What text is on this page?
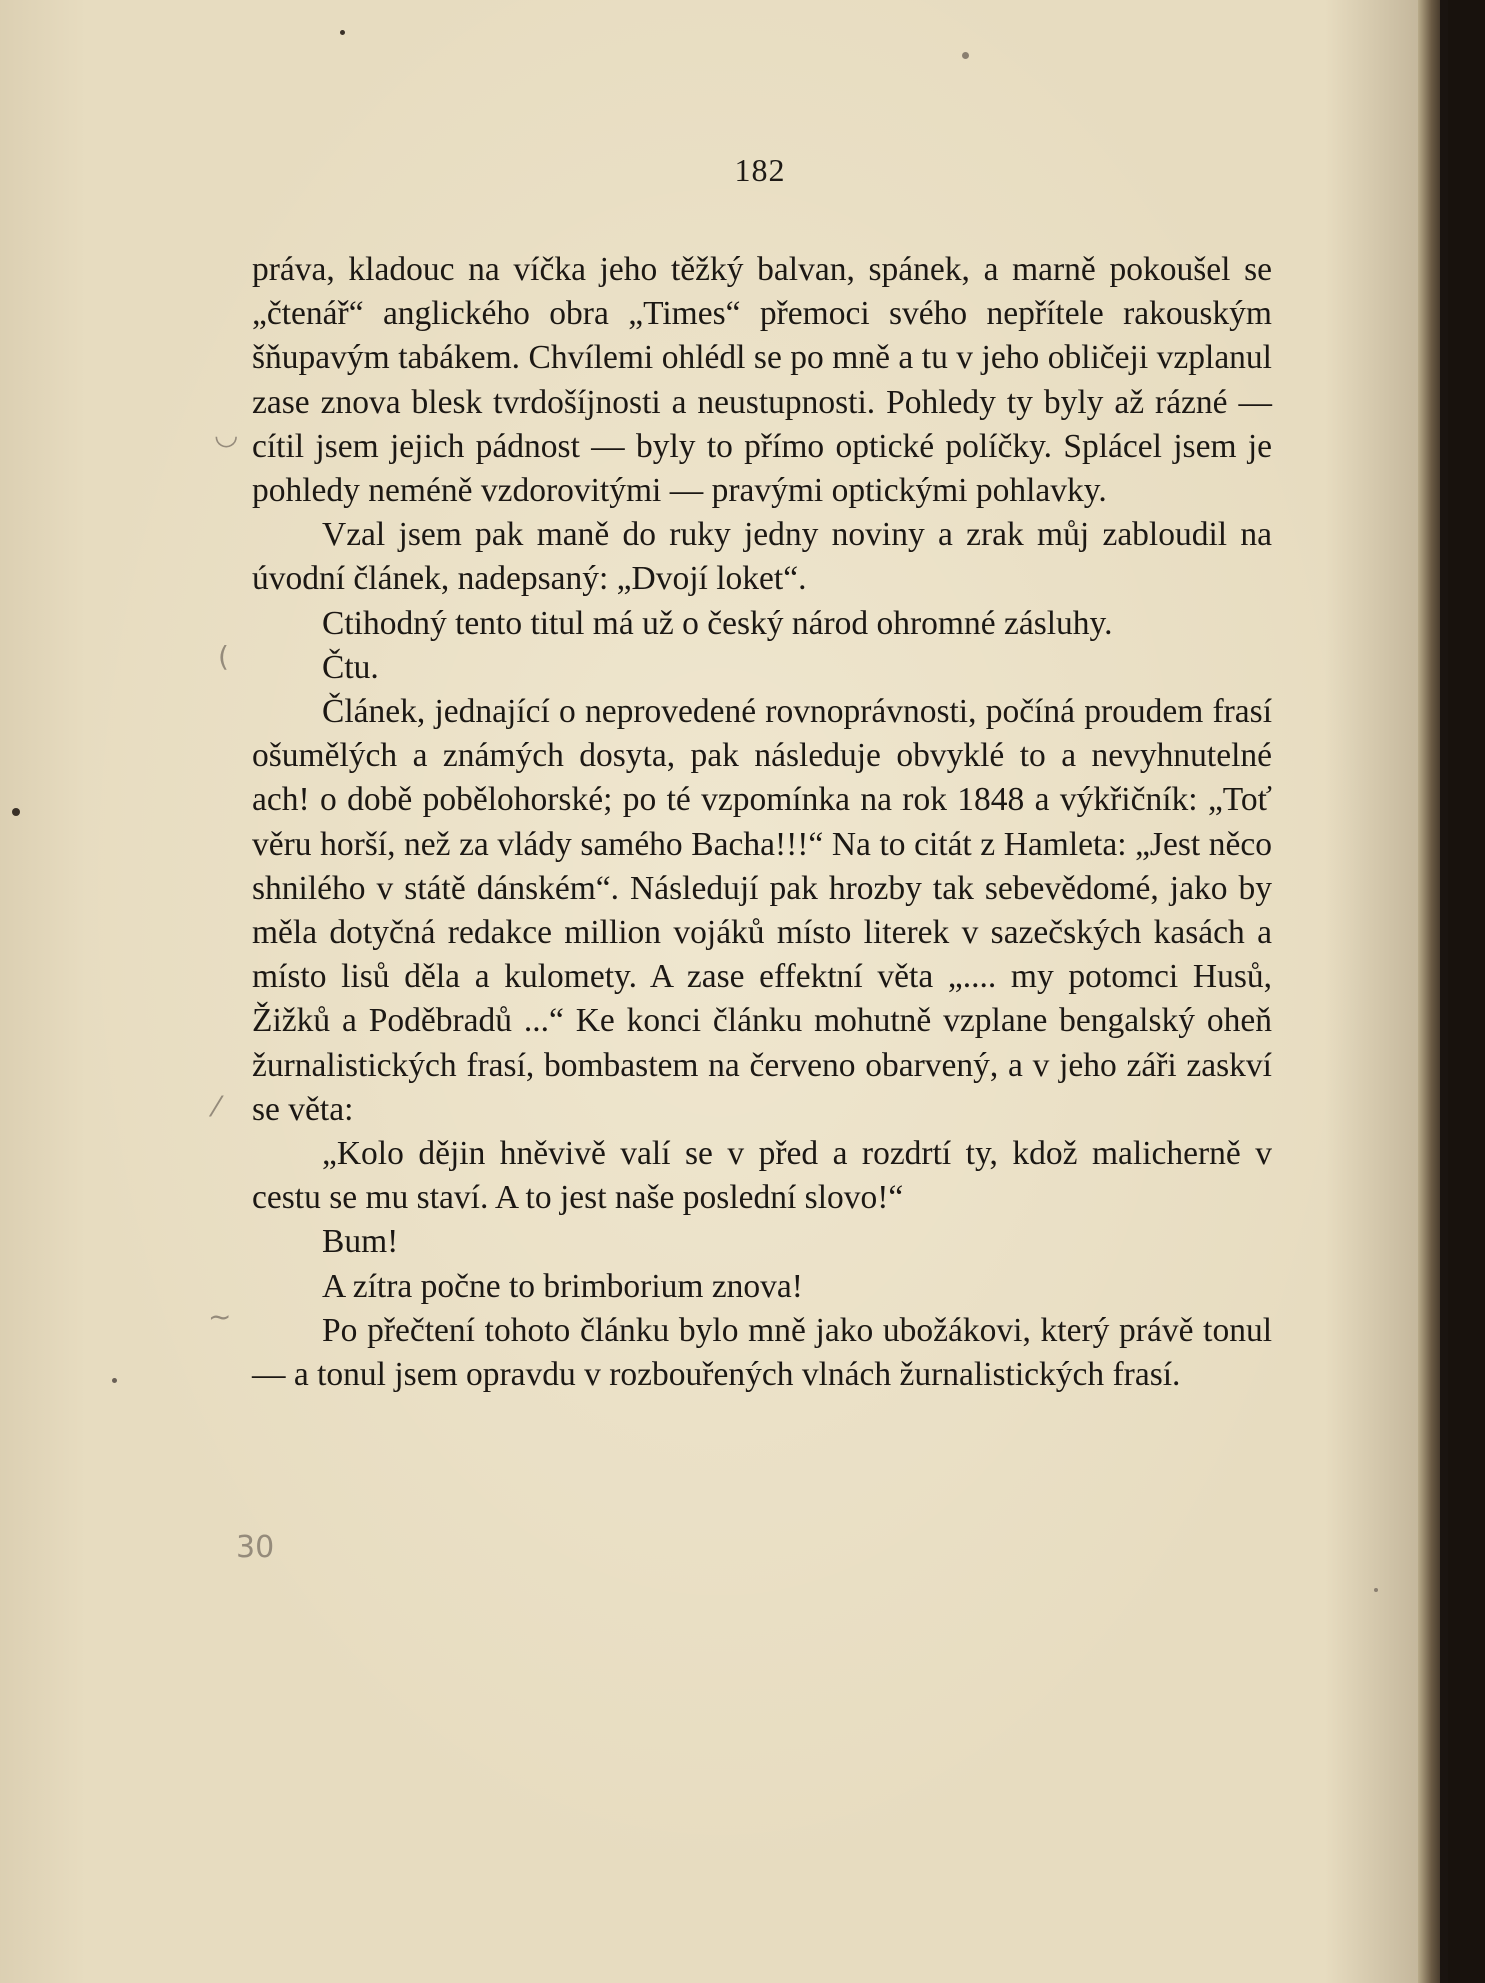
182

práva, kladouc na víčka jeho těžký balvan, spánek, a marně pokoušel se „čtenář“ anglického obra „Times“ přemoci svého nepřítele rakouským šňupavým tabákem. Chvílemi ohlédl se po mně a tu v jeho obličeji vzplanul zase znova blesk tvrdošíjnosti a neustupnosti. Pohledy ty byly až rázné — cítil jsem jejich pádnost — byly to přímo optické políčky. Splácel jsem je pohledy neméně vzdorovitými — pravými optickými pohlavky.

Vzal jsem pak maně do ruky jedny noviny a zrak můj zabloudil na úvodní článek, nadepsaný: „Dvojí loket“.

Ctihodný tento titul má už o český národ ohromné zásluhy.

Čtu.

Článek, jednající o neprovedené rovnoprávnosti, počíná proudem frasí ošumělých a známých dosyta, pak následuje obvyklé to a nevyhnutelné ach! o době pobělohorské; po té vzpomínka na rok 1848 a výkřičník: „Toť věru horší, než za vlády samého Bacha!!!“ Na to citát z Hamleta: „Jest něco shnilého v státě dánském“. Následují pak hrozby tak sebevědomé, jako by měla dotyčná redakce million vojáků místo literek v sazečských kasách a místo lisů děla a kulomety. A zase effektní věta „.... my potomci Husů, Žižků a Poděbradů ...“ Ke konci článku mohutně vzplane bengalský oheň žurnalistických frasí, bombastem na červeno obarvený, a v jeho záři zaskví se věta:

„Kolo dějin hněvivě valí se v před a rozdrtí ty, kdož malicherně v cestu se mu staví. A to jest naše poslední slovo!“

Bum!

A zítra počne to brimborium znova!

Po přečtení tohoto článku bylo mně jako ubožákovi, který právě tonul — a tonul jsem opravdu v rozbouřených vlnách žurnalistických frasí.

◡
(
⁄
~
30
